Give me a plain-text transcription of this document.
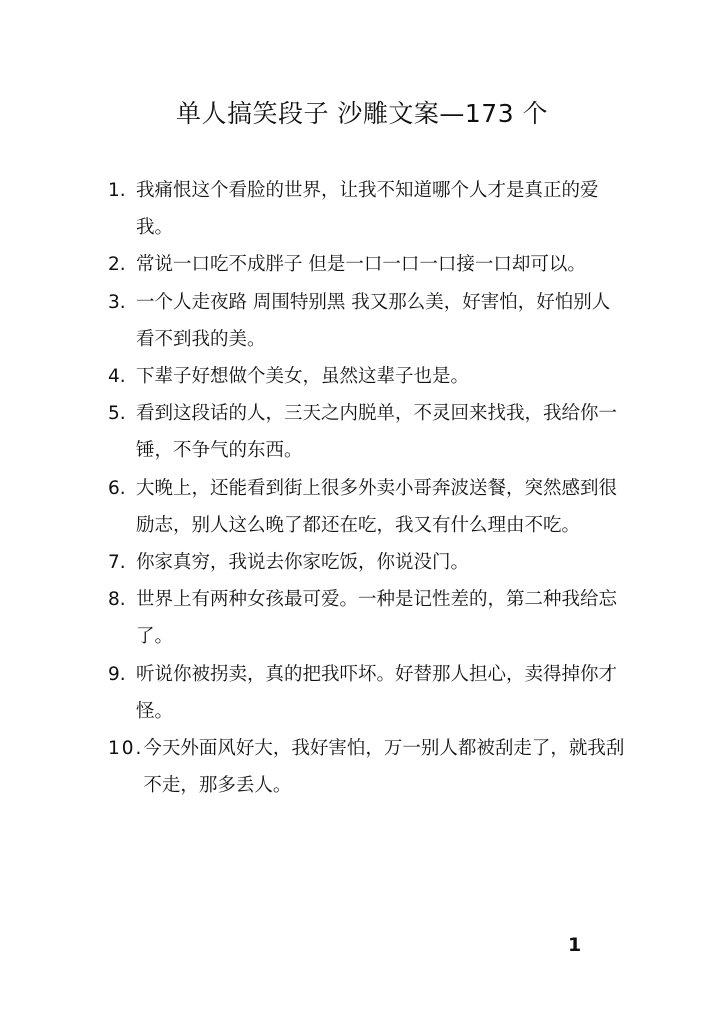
单人搞笑段子 沙雕文案—173 个
1. 我痛恨这个看脸的世界，让我不知道哪个人才是真正的爱我。
2. 常说一口吃不成胖子 但是一口一口一口接一口却可以。
3. 一个人走夜路 周围特别黑 我又那么美，好害怕，好怕别人看不到我的美。
4. 下辈子好想做个美女，虽然这辈子也是。
5. 看到这段话的人，三天之内脱单，不灵回来找我，我给你一锤，不争气的东西。
6. 大晚上，还能看到街上很多外卖小哥奔波送餐，突然感到很励志，别人这么晚了都还在吃，我又有什么理由不吃。
7. 你家真穷，我说去你家吃饭，你说没门。
8. 世界上有两种女孩最可爱。一种是记性差的，第二种我给忘了。
9. 听说你被拐卖，真的把我吓坏。好替那人担心，卖得掉你才怪。
10. 今天外面风好大，我好害怕，万一别人都被刮走了，就我刮不走，那多丢人。
1
